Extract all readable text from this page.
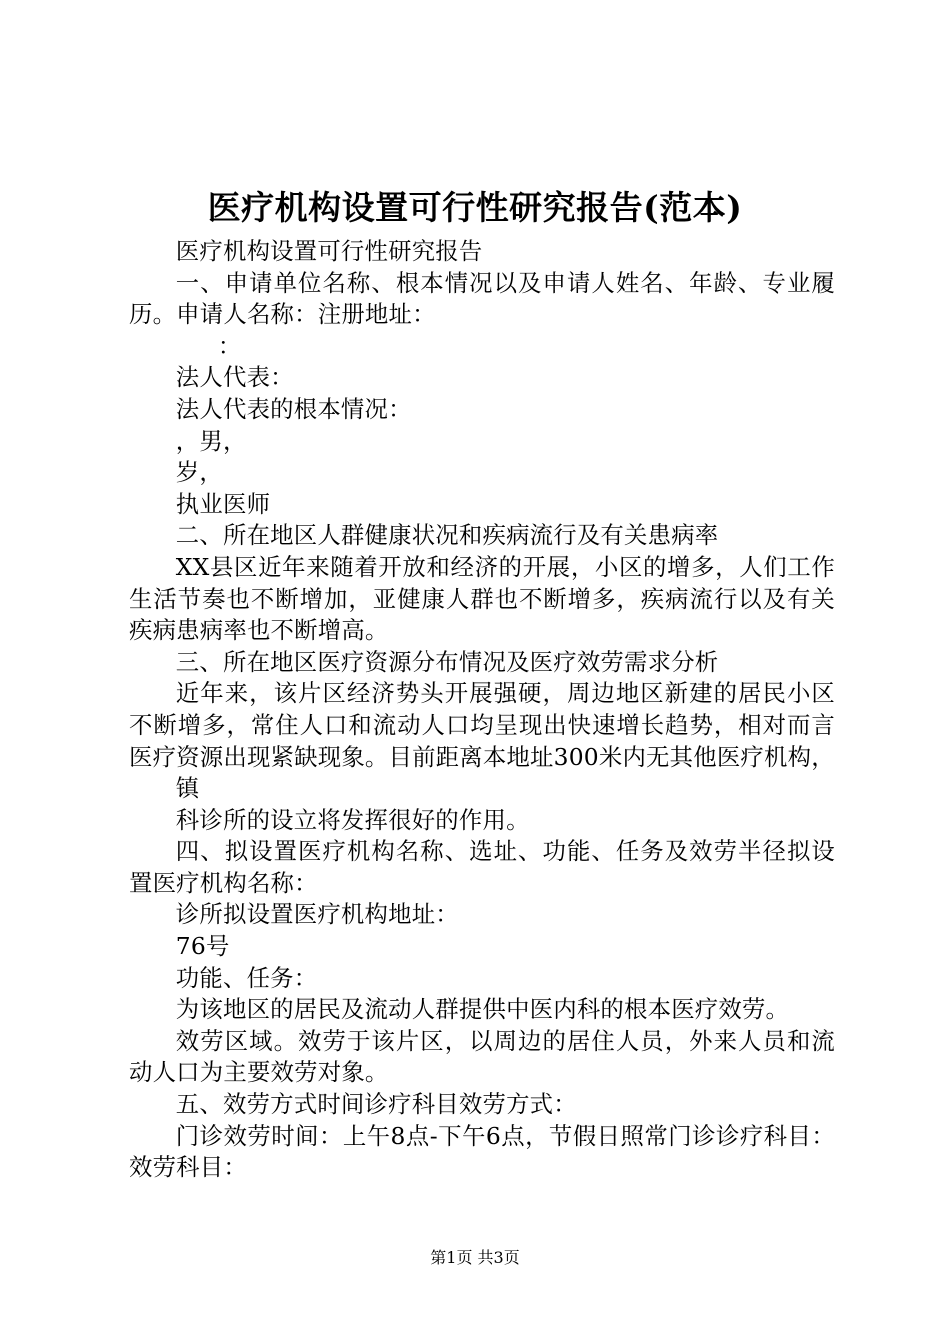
医疗机构设置可行性研究报告(范本)

医疗机构设置可行性研究报告

一、申请单位名称、根本情况以及申请人姓名、年龄、专业履历。申请人名称：注册地址：

：

法人代表：

法人代表的根本情况：

，男，

岁，

执业医师

二、所在地区人群健康状况和疾病流行及有关患病率

XX县区近年来随着开放和经济的开展，小区的增多，人们工作生活节奏也不断增加，亚健康人群也不断增多，疾病流行以及有关疾病患病率也不断增高。

三、所在地区医疗资源分布情况及医疗效劳需求分析

近年来，该片区经济势头开展强硬，周边地区新建的居民小区不断增多，常住人口和流动人口均呈现出快速增长趋势，相对而言医疗资源出现紧缺现象。目前距离本地址300米内无其他医疗机构，

镇

科诊所的设立将发挥很好的作用。

四、拟设置医疗机构名称、选址、功能、任务及效劳半径拟设置医疗机构名称：

诊所拟设置医疗机构地址：

76号

功能、任务：

为该地区的居民及流动人群提供中医内科的根本医疗效劳。

效劳区域。效劳于该片区，以周边的居住人员，外来人员和流动人口为主要效劳对象。

五、效劳方式时间诊疗科目效劳方式：

门诊效劳时间：上午8点-下午6点，节假日照常门诊诊疗科目：效劳科目：

第1页 共3页
